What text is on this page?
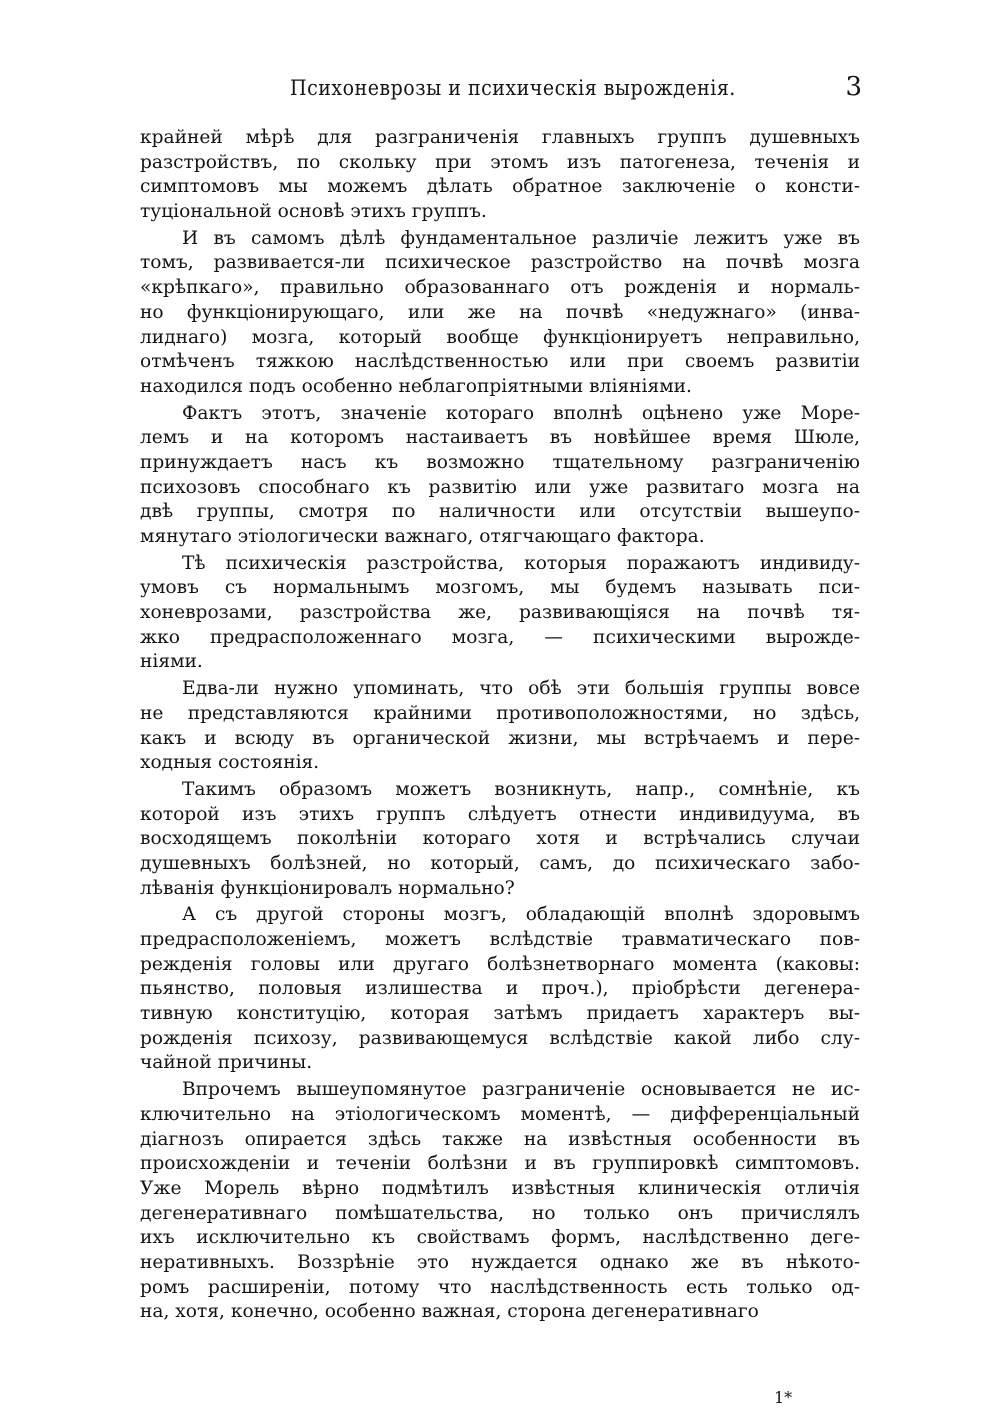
Психоневрозы и психическія вырожденія.	3
крайней мѣрѣ для разграниченія главныхъ группъ душевныхъ
разстройствъ, по скольку при этомъ изъ патогенеза, теченія и
симптомовъ мы можемъ дѣлать обратное заключеніе о консти-
туціональной основѣ этихъ группъ.
И въ самомъ дѣлѣ фундаментальное различіе лежитъ уже въ
томъ, развивается-ли психическое разстройство на почвѣ мозга
«крѣпкаго», правильно образованнаго отъ рожденія и нормаль-
но функціонирующаго, или же на почвѣ «недужнаго» (инва-
лиднаго) мозга, который вообще функціонируетъ неправильно,
отмѣченъ тяжкою наслѣдственностью или при своемъ развитіи
находился подъ особенно неблагопріятными вліяніями.
Фактъ этотъ, значеніе котораго вполнѣ оцѣнено уже Море-
лемъ и на которомъ настаиваетъ въ новѣйшее время Шюле,
принуждаетъ насъ къ возможно тщательному разграниченію
психозовъ способнаго къ развитію или уже развитаго мозга на
двѣ группы, смотря по наличности или отсутствіи вышеупо-
мянутаго этіологически важнаго, отягчающаго фактора.
Тѣ психическія разстройства, которыя поражаютъ индивиду-
умовъ съ нормальнымъ мозгомъ, мы будемъ называть пси-
хоневрозами, разстройства же, развивающіяся на почвѣ тя-
жко предрасположеннаго мозга, — психическими вырожде-
ніями.
Едва-ли нужно упоминать, что обѣ эти большія группы вовсе
не представляются крайними противоположностями, но здѣсь,
какъ и всюду въ органической жизни, мы встрѣчаемъ и пере-
ходныя состоянія.
Такимъ образомъ можетъ возникнуть, напр., сомнѣніе, къ
которой изъ этихъ группъ слѣдуетъ отнести индивидуума, въ
восходящемъ поколѣніи котораго хотя и встрѣчались случаи
душевныхъ болѣзней, но который, самъ, до психическаго забо-
лѣванія функціонировалъ нормально?
А съ другой стороны мозгъ, обладающій вполнѣ здоровымъ
предрасположеніемъ, можетъ вслѣдствіе травматическаго пов-
режденія головы или другаго болѣзнетворнаго момента (каковы:
пьянство, половыя излишества и проч.), пріобрѣсти дегенера-
тивную конституцію, которая затѣмъ придаетъ характеръ вы-
рожденія психозу, развивающемуся вслѣдствіе какой либо слу-
чайной причины.
Впрочемъ вышеупомянутое разграниченіе основывается не ис-
ключительно на этіологическомъ моментѣ, — дифференціальный
діагнозъ опирается здѣсь также на извѣстныя особенности въ
происхожденіи и теченіи болѣзни и въ группировкѣ симптомовъ.
Уже Морель вѣрно подмѣтилъ извѣстныя клиническія отличія
дегенеративнаго помѣшательства, но только онъ причислялъ
ихъ исключительно къ свойствамъ формъ, наслѣдственно деге-
неративныхъ. Воззрѣніе это нуждается однако же въ нѣкото-
ромъ расширеніи, потому что наслѣдственность есть только од-
на, хотя, конечно, особенно важная, сторона дегенеративнаго
1*
